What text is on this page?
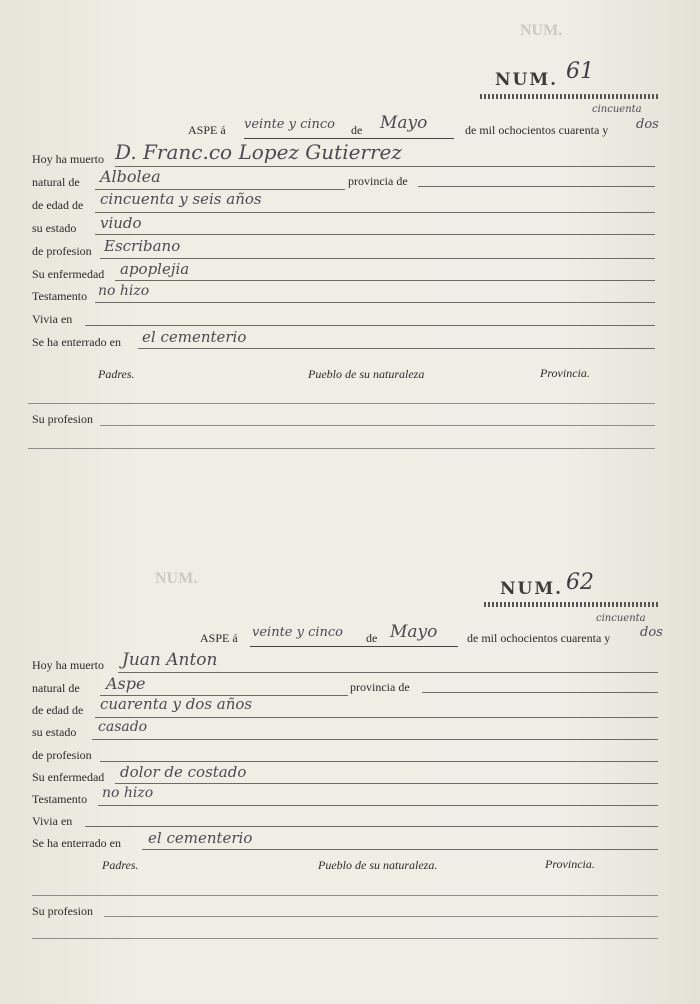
NUM.
NUM.
NUM. 61
cincuenta
ASPE á veinte y cinco de Mayo	de mil ochocientos cuarenta y dos
Hoy ha muerto D. Franc.co Lopez Gutierrez
natural de Albolea	provincia de
de edad de cincuenta y seis años
su estado viudo
de profesion Escribano
Su enfermedad apoplejia
Testamento no hizo
Vivia en
Se ha enterrado en el cementerio
Padres.	Pueblo de su naturaleza	Provincia.
Su profesion
NUM. 62
cincuenta
ASPE á veinte y cinco de Mayo de mil ochocientos cuarenta y dos
Hoy ha muerto Juan Anton
natural de Aspe	provincia de
de edad de cuarenta y dos años
su estado casado
de profesion
Su enfermedad dolor de costado
Testamento no hizo
Vivia en
Se ha enterrado en el cementerio
Padres.	Pueblo de su naturaleza.	Provincia.
Su profesion
